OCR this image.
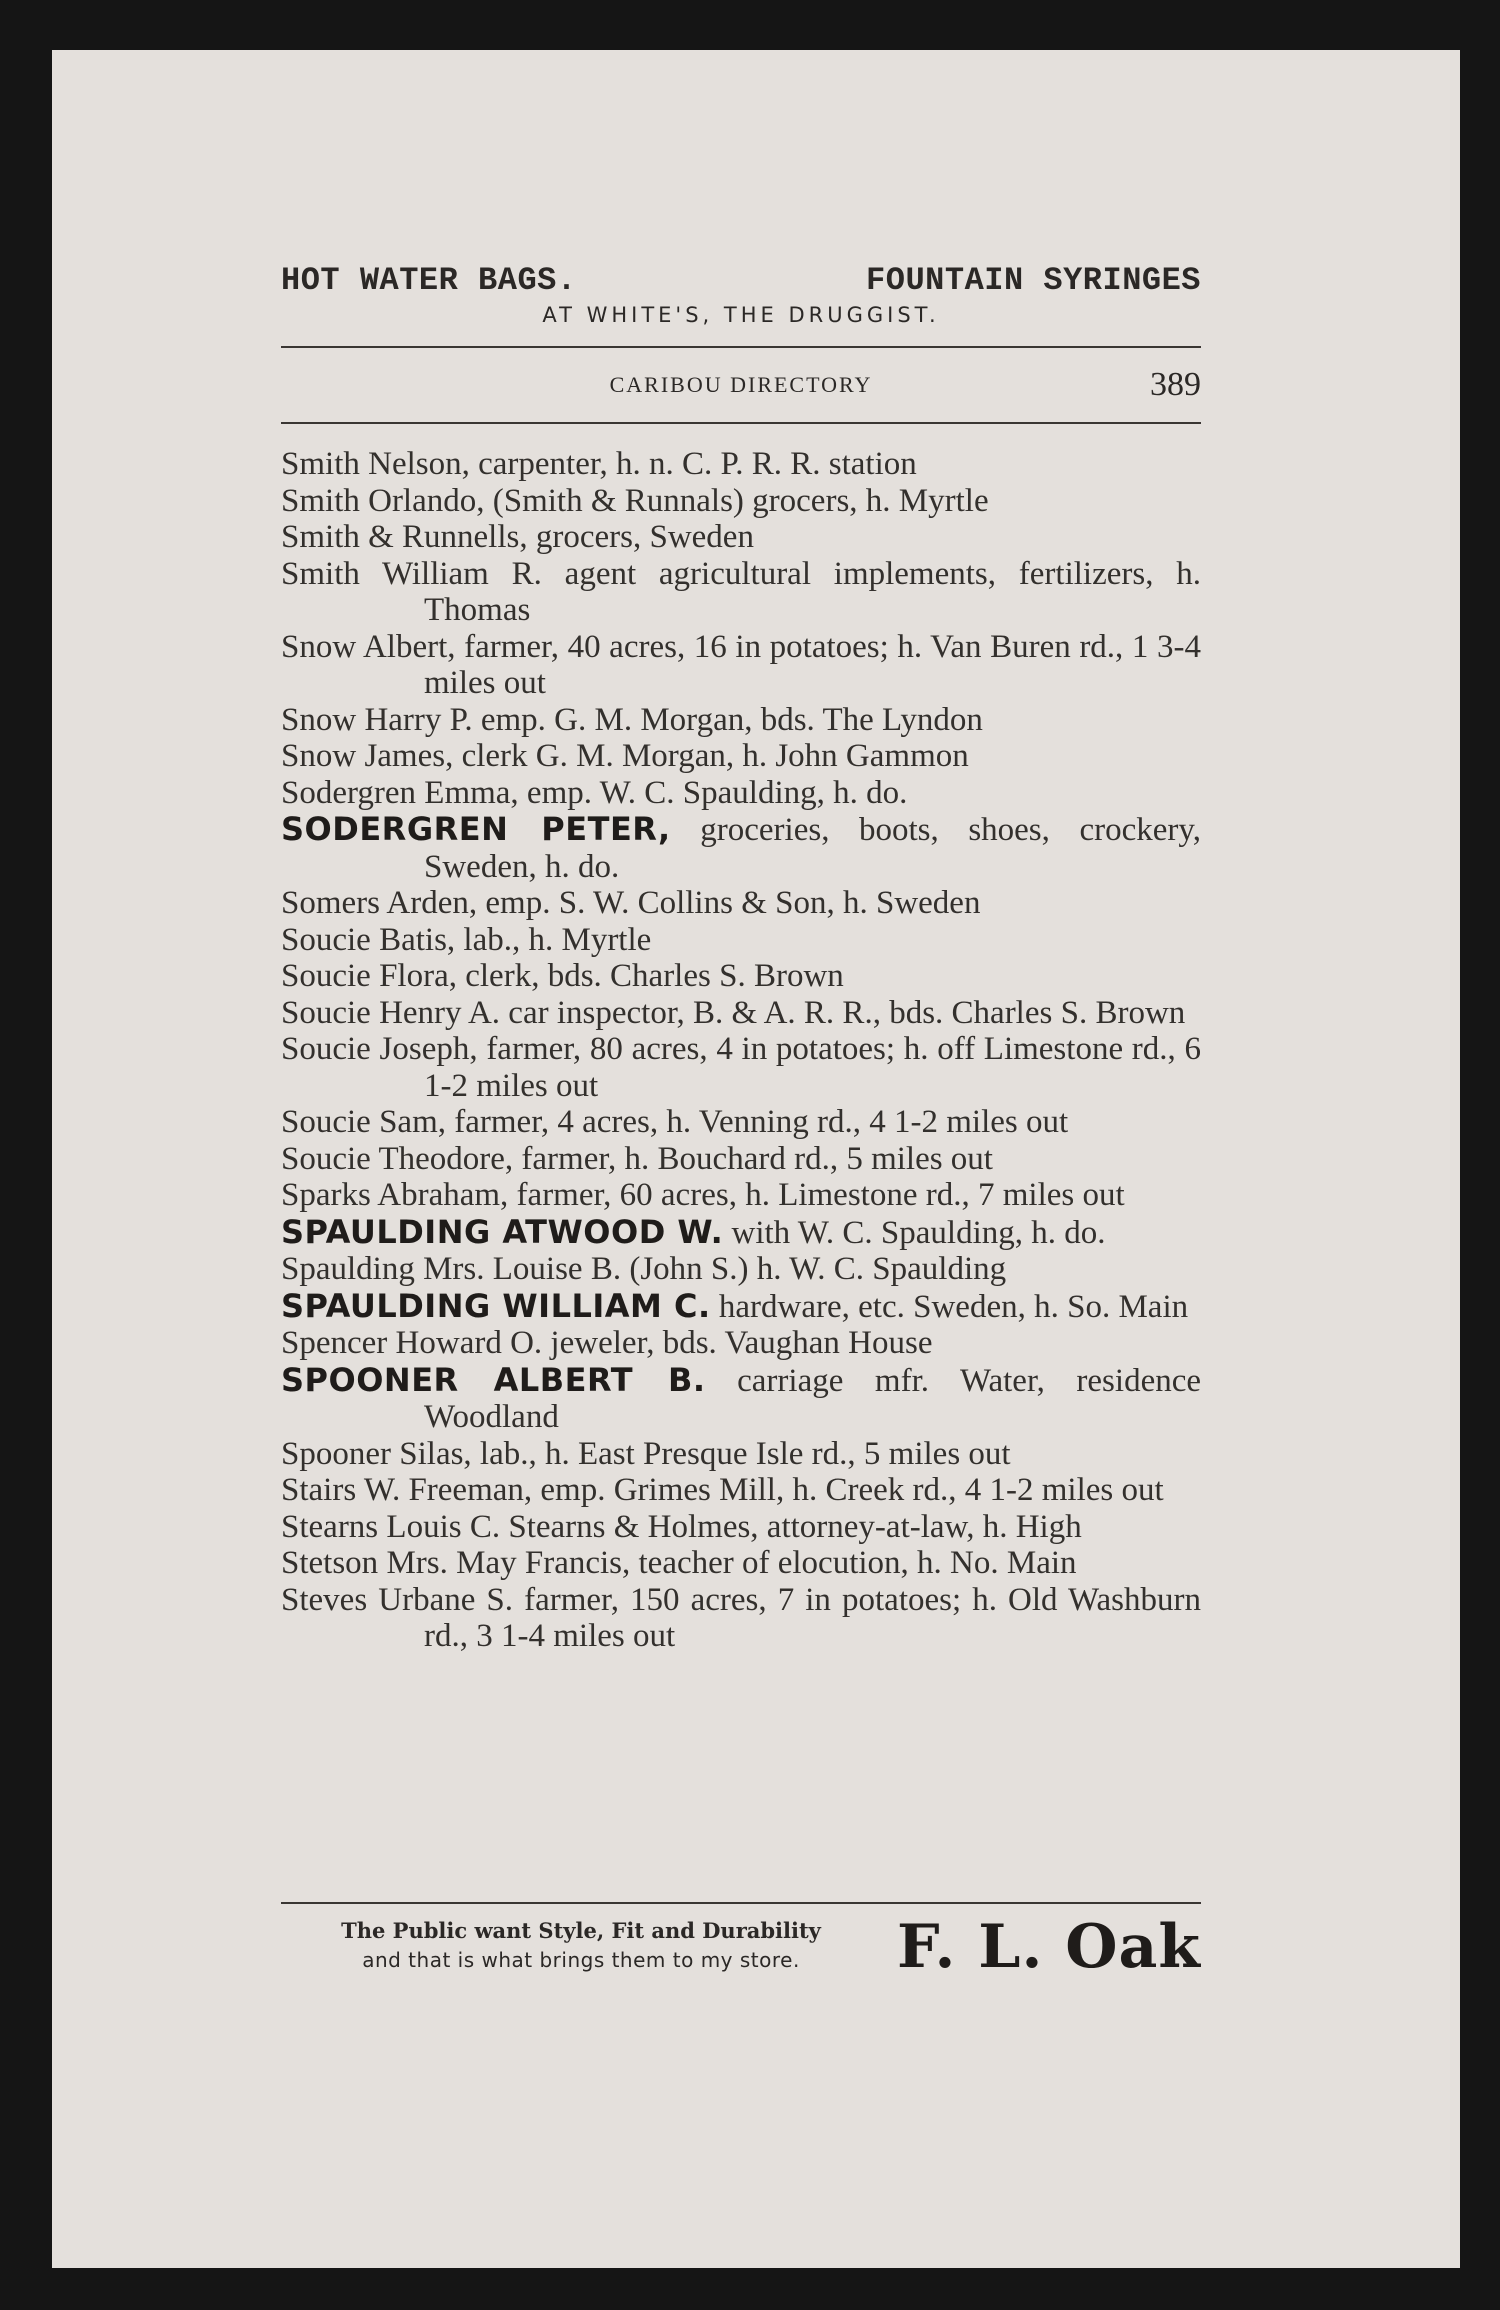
HOT WATER BAGS.	FOUNTAIN SYRINGES
AT WHITE'S, THE DRUGGIST.
CARIBOU DIRECTORY	389
Smith Nelson, carpenter, h. n. C. P. R. R. station
Smith Orlando, (Smith & Runnals) grocers, h. Myrtle
Smith & Runnells, grocers, Sweden
Smith William R. agent agricultural implements, fertilizers, h. Thomas
Snow Albert, farmer, 40 acres, 16 in potatoes; h. Van Buren rd., 1 3-4 miles out
Snow Harry P. emp. G. M. Morgan, bds. The Lyndon
Snow James, clerk G. M. Morgan, h. John Gammon
Sodergren Emma, emp. W. C. Spaulding, h. do.
SODERGREN PETER, groceries, boots, shoes, crockery, Sweden, h. do.
Somers Arden, emp. S. W. Collins & Son, h. Sweden
Soucie Batis, lab., h. Myrtle
Soucie Flora, clerk, bds. Charles S. Brown
Soucie Henry A. car inspector, B. & A. R. R., bds. Charles S. Brown
Soucie Joseph, farmer, 80 acres, 4 in potatoes; h. off Limestone rd., 6 1-2 miles out
Soucie Sam, farmer, 4 acres, h. Venning rd., 4 1-2 miles out
Soucie Theodore, farmer, h. Bouchard rd., 5 miles out
Sparks Abraham, farmer, 60 acres, h. Limestone rd., 7 miles out
SPAULDING ATWOOD W. with W. C. Spaulding, h. do.
Spaulding Mrs. Louise B. (John S.) h. W. C. Spaulding
SPAULDING WILLIAM C. hardware, etc. Sweden, h. So. Main
Spencer Howard O. jeweler, bds. Vaughan House
SPOONER ALBERT B. carriage mfr. Water, residence Woodland
Spooner Silas, lab., h. East Presque Isle rd., 5 miles out
Stairs W. Freeman, emp. Grimes Mill, h. Creek rd., 4 1-2 miles out
Stearns Louis C. Stearns & Holmes, attorney-at-law, h. High
Stetson Mrs. May Francis, teacher of elocution, h. No. Main
Steves Urbane S. farmer, 150 acres, 7 in potatoes; h. Old Washburn rd., 3 1-4 miles out
The Public want Style, Fit and Durability
and that is what brings them to my store.	F. L. Oak
